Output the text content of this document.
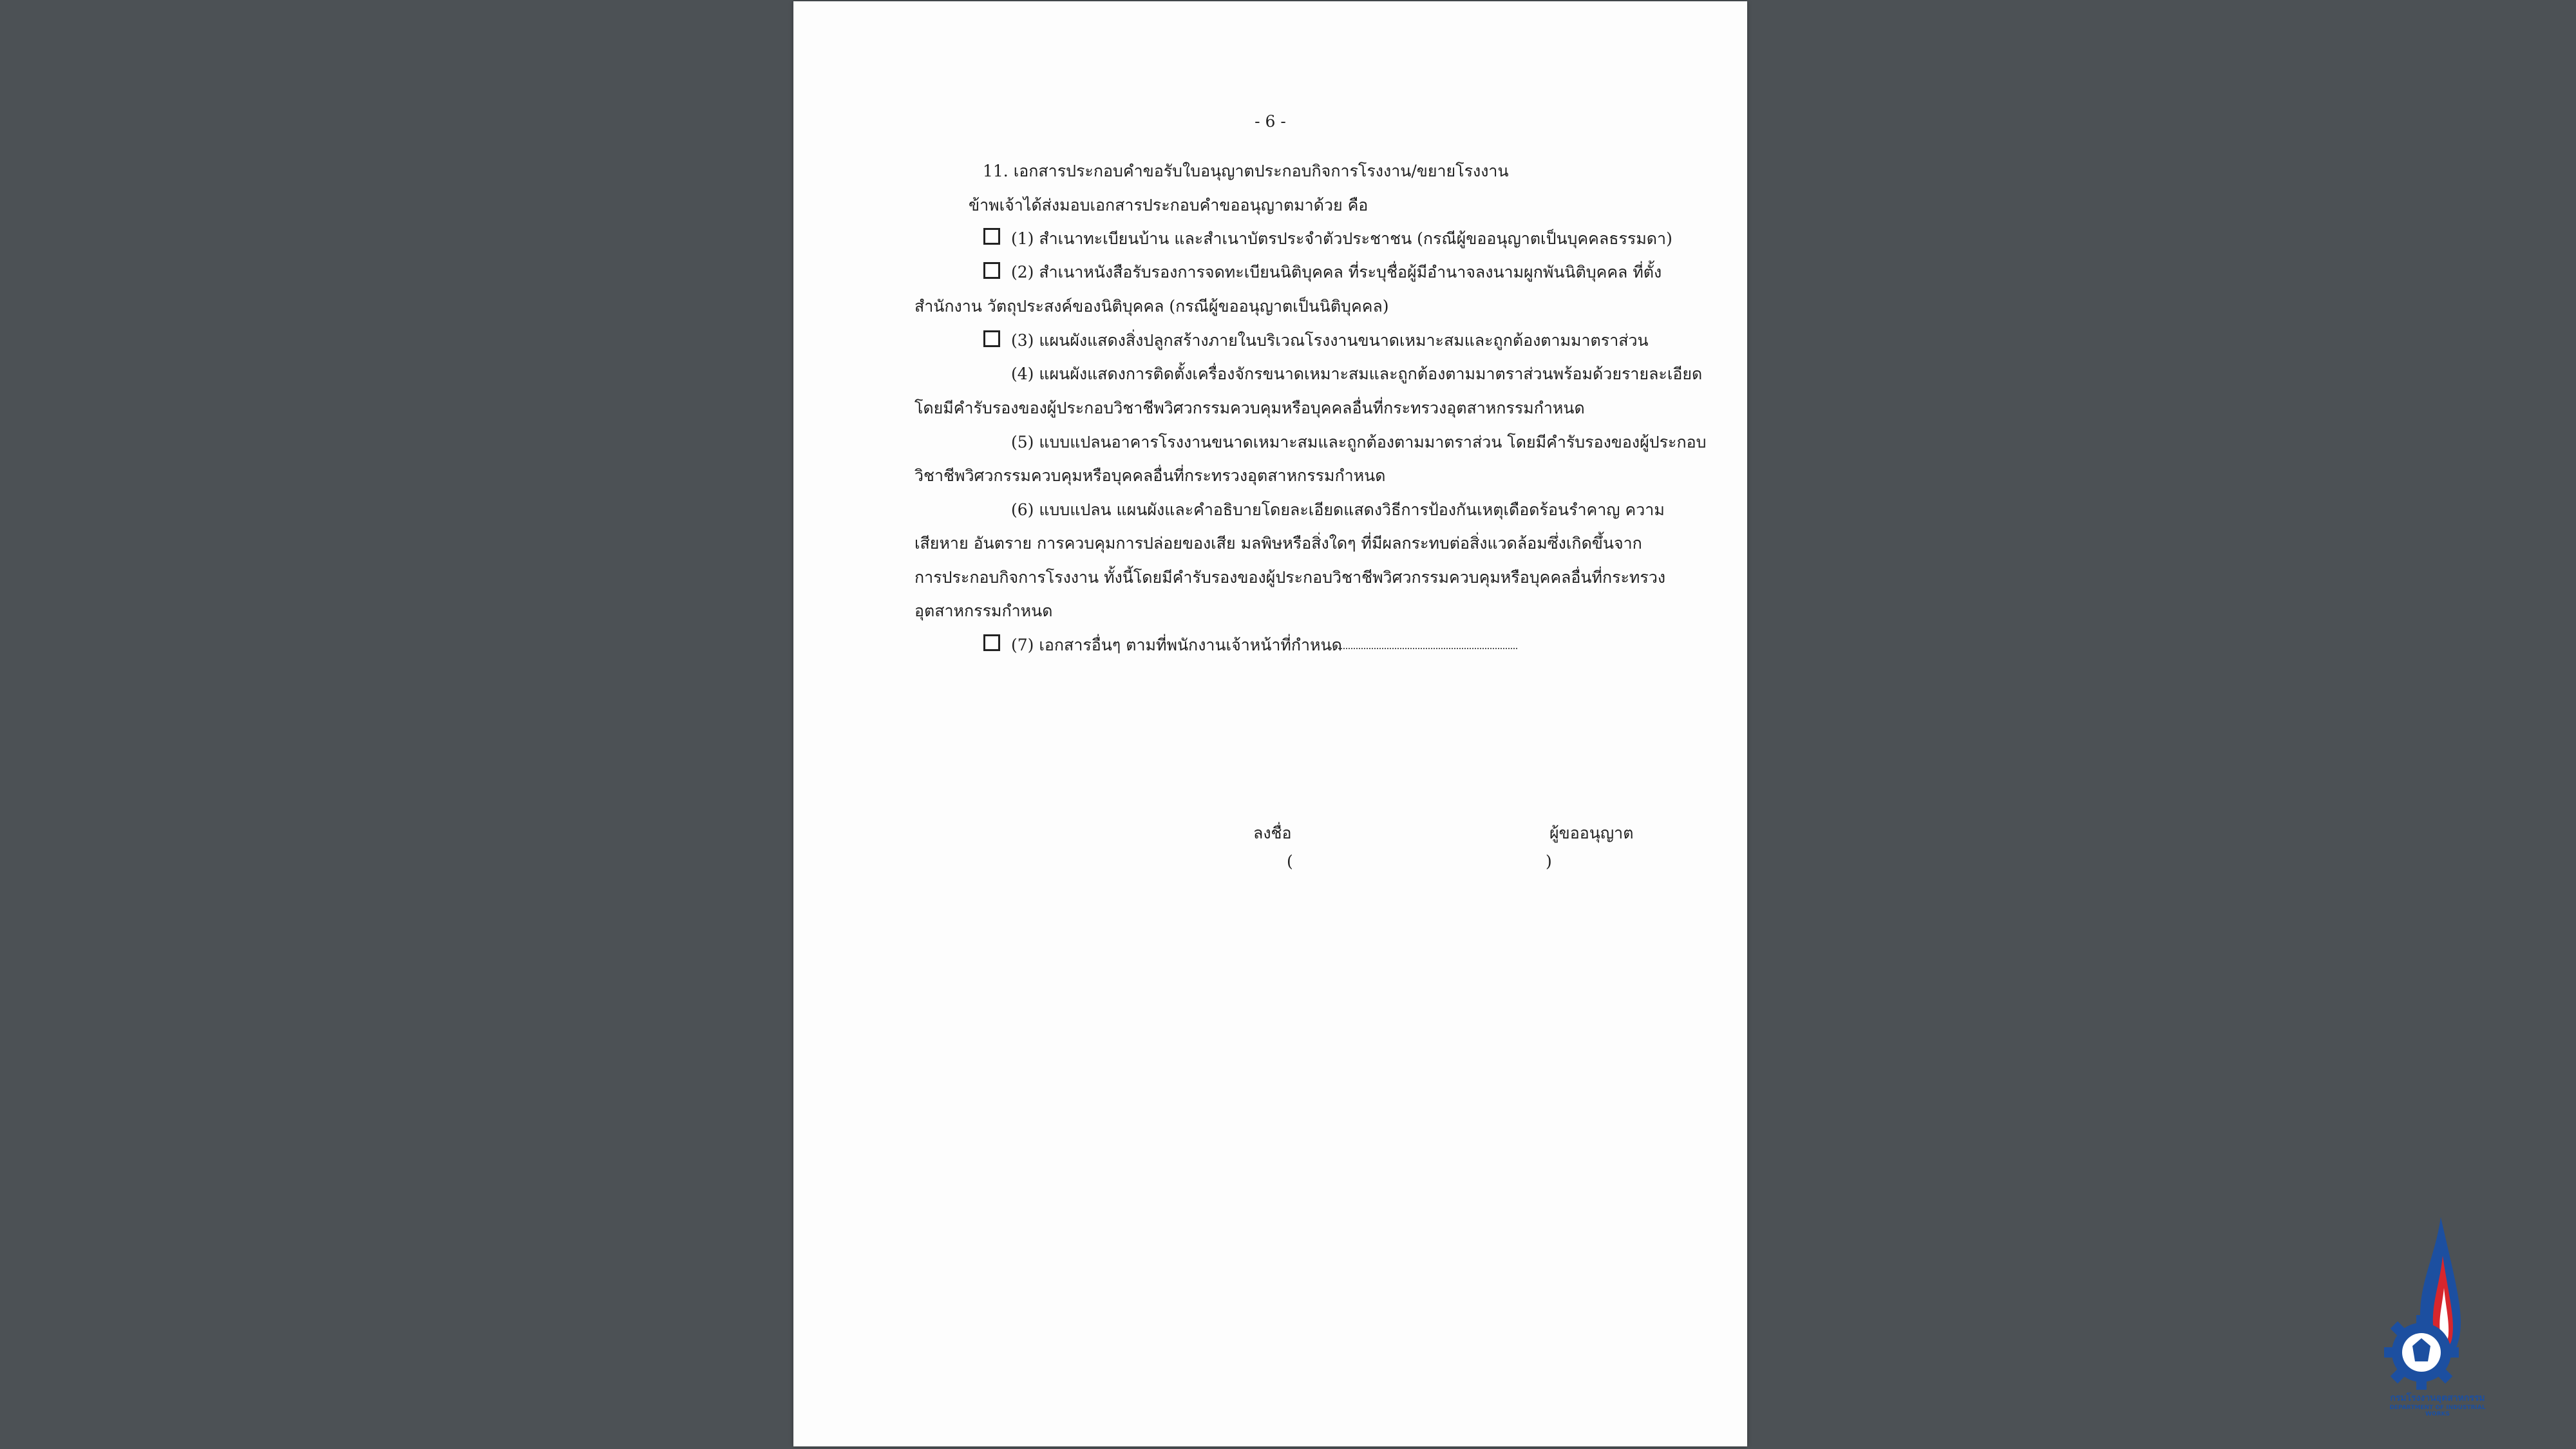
- 6 -
11. เอกสารประกอบคำขอรับใบอนุญาตประกอบกิจการโรงงาน/ขยายโรงงาน
ข้าพเจ้าได้ส่งมอบเอกสารประกอบคำขออนุญาตมาด้วย คือ
(1) สำเนาทะเบียนบ้าน และสำเนาบัตรประจำตัวประชาชน (กรณีผู้ขออนุญาตเป็นบุคคลธรรมดา)
(2) สำเนาหนังสือรับรองการจดทะเบียนนิติบุคคล ที่ระบุชื่อผู้มีอำนาจลงนามผูกพันนิติบุคคล ที่ตั้ง
สำนักงาน วัตถุประสงค์ของนิติบุคคล (กรณีผู้ขออนุญาตเป็นนิติบุคคล)
(3) แผนผังแสดงสิ่งปลูกสร้างภายในบริเวณโรงงานขนาดเหมาะสมและถูกต้องตามมาตราส่วน
(4) แผนผังแสดงการติดตั้งเครื่องจักรขนาดเหมาะสมและถูกต้องตามมาตราส่วนพร้อมด้วยรายละเอียด
โดยมีคำรับรองของผู้ประกอบวิชาชีพวิศวกรรมควบคุมหรือบุคคลอื่นที่กระทรวงอุตสาหกรรมกำหนด
(5) แบบแปลนอาคารโรงงานขนาดเหมาะสมและถูกต้องตามมาตราส่วน โดยมีคำรับรองของผู้ประกอบ
วิชาชีพวิศวกรรมควบคุมหรือบุคคลอื่นที่กระทรวงอุตสาหกรรมกำหนด
(6) แบบแปลน แผนผังและคำอธิบายโดยละเอียดแสดงวิธีการป้องกันเหตุเดือดร้อนรำคาญ ความ
เสียหาย อันตราย การควบคุมการปล่อยของเสีย มลพิษหรือสิ่งใดๆ ที่มีผลกระทบต่อสิ่งแวดล้อมซึ่งเกิดขึ้นจาก
การประกอบกิจการโรงงาน ทั้งนี้โดยมีคำรับรองของผู้ประกอบวิชาชีพวิศวกรรมควบคุมหรือบุคคลอื่นที่กระทรวง
อุตสาหกรรมกำหนด
(7) เอกสารอื่นๆ ตามที่พนักงานเจ้าหน้าที่กำหนด
ลงชื่อ	ผู้ขออนุญาต
(	)
กรมโรงงานอุตสาหกรรม
DEPARTMENT OF INDUSTRIAL WORKS
